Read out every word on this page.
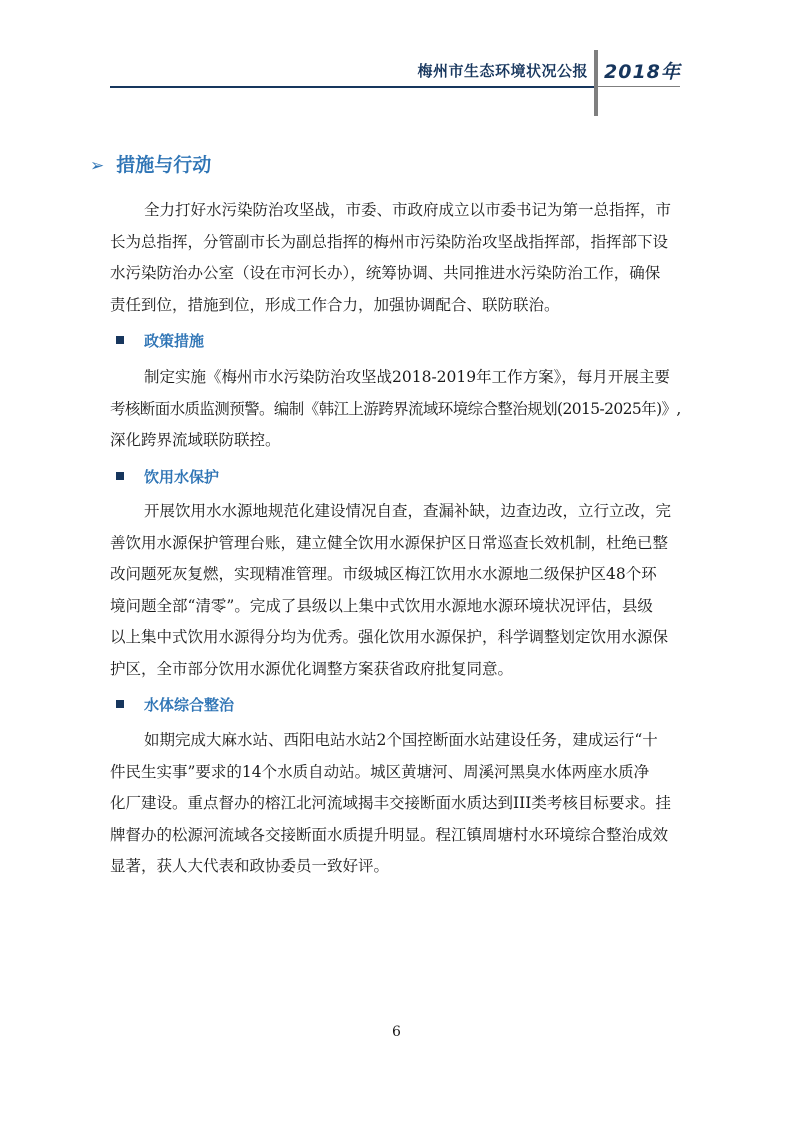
梅州市生态环境状况公报 2018年
➢ 措施与行动
全力打好水污染防治攻坚战，市委、市政府成立以市委书记为第一总指挥，市
长为总指挥，分管副市长为副总指挥的梅州市污染防治攻坚战指挥部，指挥部下设
水污染防治办公室（设在市河长办），统筹协调、共同推进水污染防治工作，确保
责任到位，措施到位，形成工作合力，加强协调配合、联防联治。
政策措施
制定实施《梅州市水污染防治攻坚战2018-2019年工作方案》，每月开展主要
考核断面水质监测预警。编制《韩江上游跨界流域环境综合整治规划(2015-2025年)》,
深化跨界流域联防联控。
饮用水保护
开展饮用水水源地规范化建设情况自查，查漏补缺，边查边改，立行立改，完
善饮用水源保护管理台账，建立健全饮用水源保护区日常巡查长效机制，杜绝已整
改问题死灰复燃，实现精准管理。市级城区梅江饮用水水源地二级保护区48个环
境问题全部“清零”。完成了县级以上集中式饮用水源地水源环境状况评估，县级
以上集中式饮用水源得分均为优秀。强化饮用水源保护，科学调整划定饮用水源保
护区，全市部分饮用水源优化调整方案获省政府批复同意。
水体综合整治
如期完成大麻水站、西阳电站水站2个国控断面水站建设任务，建成运行“十
件民生实事”要求的14个水质自动站。城区黄塘河、周溪河黑臭水体两座水质净
化厂建设。重点督办的榕江北河流域揭丰交接断面水质达到III类考核目标要求。挂
牌督办的松源河流域各交接断面水质提升明显。程江镇周塘村水环境综合整治成效
显著，获人大代表和政协委员一致好评。
6
